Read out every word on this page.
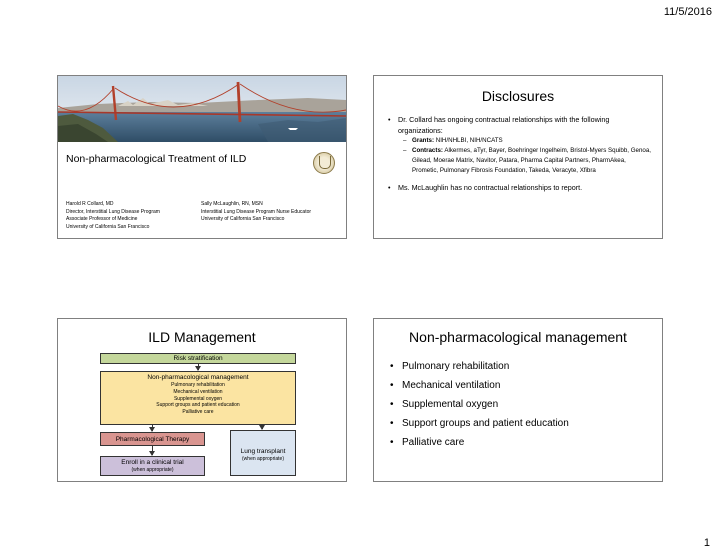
11/5/2016
Non-pharmacological Treatment of ILD
Harold R Collard, MD
Director, Interstitial Lung Disease Program
Associate Professor of Medicine
University of California San Francisco
Sally McLaughlin, RN, MSN
Interstitial Lung Disease Program Nurse Educator
University of California San Francisco
Disclosures
• Dr. Collard has ongoing contractual relationships with the following organizations:
– Grants: NIH/NHLBI, NIH/NCATS
– Contracts: Alkermes, aTyr, Bayer, Boehringer Ingelheim, Bristol-Myers Squibb, Genoa, Gilead, Moerae Matrix, Navitor, Patara, Pharma Capital Partners, PharmAkea, Prometic, Pulmonary Fibrosis Foundation, Takeda, Veracyte, Xfibra
• Ms. McLaughlin has no contractual relationships to report.
ILD Management
Risk stratification
Non-pharmacological management
Pulmonary rehabilitation
Mechanical ventilation
Supplemental oxygen
Support groups and patient education
Palliative care
Pharmacological Therapy
Enroll in a clinical trial
(when appropriate)
Lung transplant
(when appropriate)
Non-pharmacological management
• Pulmonary rehabilitation
• Mechanical ventilation
• Supplemental oxygen
• Support groups and patient education
• Palliative care
1
